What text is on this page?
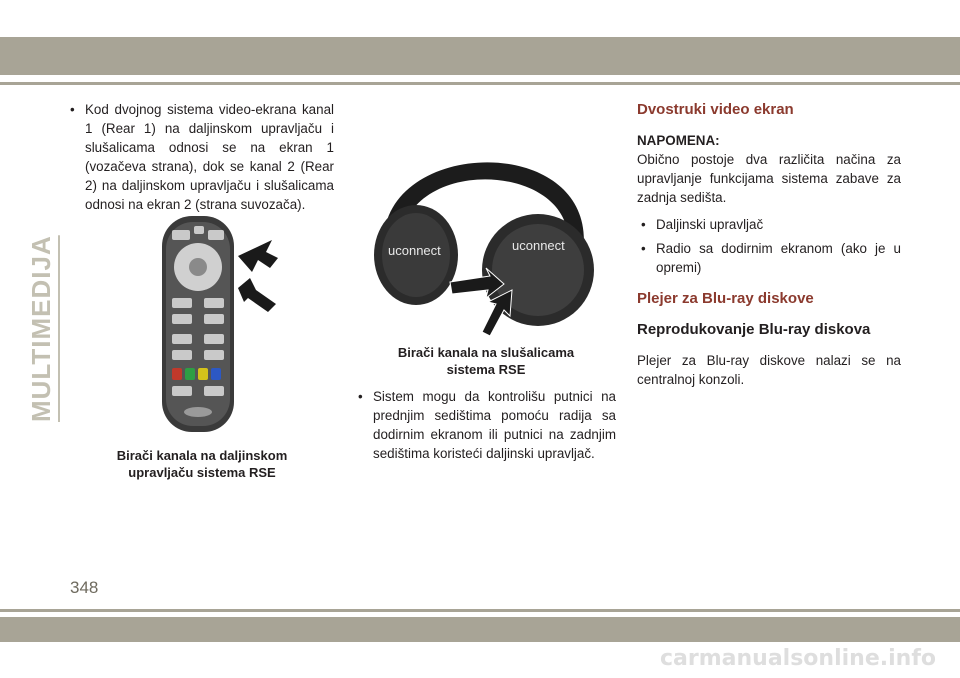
MULTIMEDIJA
• Kod dvojnog sistema video-ekrana kanal 1 (Rear 1) na daljinskom upravljaču i slušalicama odnosi se na ekran 1 (vozačeva strana), dok se kanal 2 (Rear 2) na daljinskom upravljaču i slušalicama odnosi na ekran 2 (strana suvozača).
Birači kanala na daljinskom
upravljaču sistema RSE
uconnect	uconnect
Birači kanala na slušalicama
sistema RSE
• Sistem mogu da kontrolišu putnici na prednjim sedištima pomoću radija sa dodirnim ekranom ili putnici na zadnjim sedištima koristeći daljinski upravljač.
Dvostruki video ekran

NAPOMENA:

Obično postoje dva različita načina za upravljanje funkcijama sistema zabave za zadnja sedišta.

• Daljinski upravljač
• Radio sa dodirnim ekranom (ako je u opremi)
Plejer za Blu-ray diskove
Reprodukovanje Blu-ray diskova

Plejer za Blu-ray diskove nalazi se na centralnoj konzoli.

348
carmanualsonline.info
